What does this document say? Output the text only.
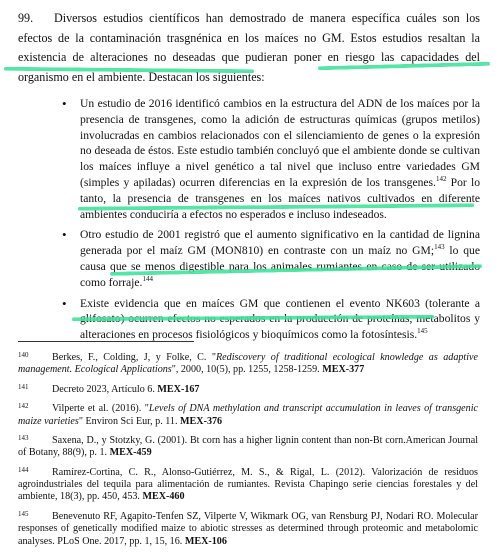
99. Diversos estudios científicos han demostrado de manera específica cuáles son los efectos de la contaminación trasgnénica en los maíces no GM. Estos estudios resaltan la existencia de alteraciones no deseadas que pudieran poner en riesgo las capacidades del organismo en el ambiente. Destacan los siguientes:
• Un estudio de 2016 identificó cambios en la estructura del ADN de los maíces por la presencia de transgenes, como la adición de estructuras químicas (grupos metilos) involucradas en cambios relacionados con el silenciamiento de genes o la expresión no deseada de éstos. Este estudio también concluyó que el ambiente donde se cultivan los maíces influye a nivel genético a tal nivel que incluso entre variedades GM (simples y apiladas) ocurren diferencias en la expresión de los transgenes.$^{142}$ Por lo tanto, la presencia de transgenes en los maíces nativos cultivados en diferente ambientes conduciría a efectos no esperados e incluso indeseados.
• Otro estudio de 2001 registró que el aumento significativo en la cantidad de lignina generada por el maíz GM (MON810) en contraste con un maíz no GM;$^{143}$ lo que causa que se menos digestible para los animales rumiantes en caso de ser utilizado como forraje.$^{144}$
• Existe evidencia que en maíces GM que contienen el evento NK603 (tolerante a glifosato) ocurren efectos no esperados en la producción de proteínas, metabolitos y alteraciones en procesos fisiológicos y bioquímicos como la fotosíntesis.$^{145}$
140 Berkes, F., Colding, J, y Folke, C. "Rediscovery of traditional ecological knowledge as adaptive management. Ecological Applications", 2000, 10(5), pp. 1255, 1258-1259. MEX-377
141 Decreto 2023, Artículo 6. MEX-167
142 Vilperte et al. (2016). "Levels of DNA methylation and transcript accumulation in leaves of transgenic maize varieties" Environ Sci Eur, p. 11. MEX-376
143 Saxena, D., y Stotzky, G. (2001). Bt corn has a higher lignin content than non-Bt corn.American Journal of Botany, 88(9), p. 1. MEX-459
144 Ramírez-Cortina, C. R., Alonso-Gutiérrez, M. S., & Rigal, L. (2012). Valorización de residuos agroindustriales del tequila para alimentación de rumiantes. Revista Chapingo serie ciencias forestales y del ambiente, 18(3), pp. 450, 453. MEX-460
145 Benevenuto RF, Agapito-Tenfen SZ, Vilperte V, Wikmark OG, van Rensburg PJ, Nodari RO. Molecular responses of genetically modified maize to abiotic stresses as determined through proteomic and metabolomic analyses. PLoS One. 2017, pp. 1, 15, 16. MEX-106
